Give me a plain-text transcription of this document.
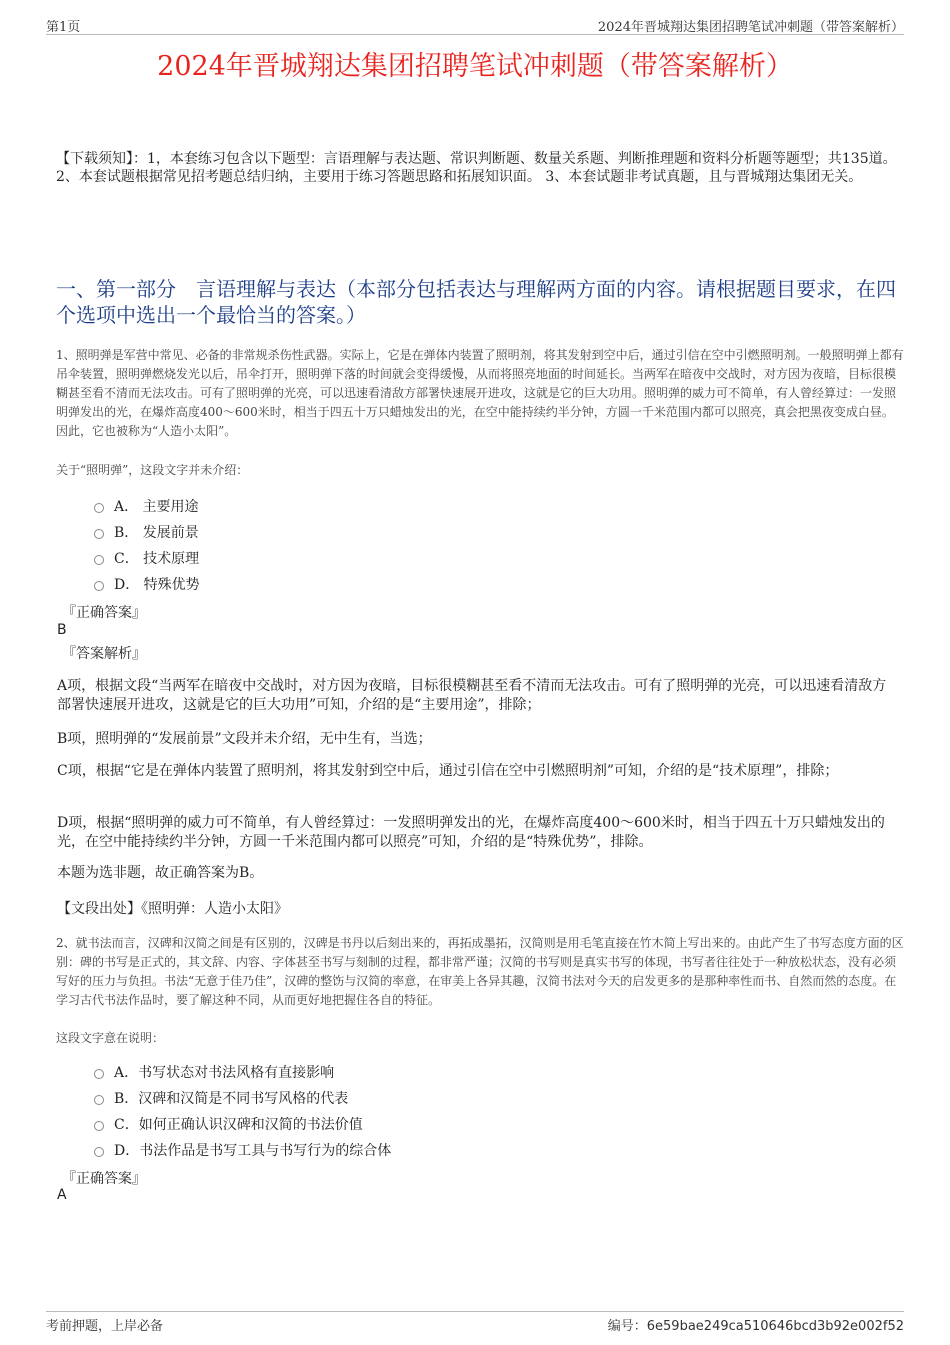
第1页	2024年晋城翔达集团招聘笔试冲刺题（带答案解析）
2024年晋城翔达集团招聘笔试冲刺题（带答案解析）
【下载须知】：1，本套练习包含以下题型：言语理解与表达题、常识判断题、数量关系题、判断推理题和资料分析题等题型；共135道。 2、本套试题根据常见招考题总结归纳，主要用于练习答题思路和拓展知识面。 3、本套试题非考试真题，且与晋城翔达集团无关。
一、第一部分　言语理解与表达（本部分包括表达与理解两方面的内容。请根据题目要求，在四个选项中选出一个最恰当的答案。）
1、照明弹是军营中常见、必备的非常规杀伤性武器。实际上，它是在弹体内装置了照明剂，将其发射到空中后，通过引信在空中引燃照明剂。一般照明弹上都有吊伞装置，照明弹燃烧发光以后，吊伞打开，照明弹下落的时间就会变得缓慢，从而将照亮地面的时间延长。当两军在暗夜中交战时，对方因为夜暗，目标很模糊甚至看不清而无法攻击。可有了照明弹的光亮，可以迅速看清敌方部署快速展开进攻，这就是它的巨大功用。照明弹的威力可不简单，有人曾经算过：一发照明弹发出的光，在爆炸高度400～600米时，相当于四五十万只蜡烛发出的光，在空中能持续约半分钟，方圆一千米范围内都可以照亮，真会把黑夜变成白昼。因此，它也被称为“人造小太阳”。
关于“照明弹”，这段文字并未介绍：
A． 主要用途
B． 发展前景
C． 技术原理
D． 特殊优势
『正确答案』
B
『答案解析』
A项，根据文段“当两军在暗夜中交战时，对方因为夜暗，目标很模糊甚至看不清而无法攻击。可有了照明弹的光亮，可以迅速看清敌方部署快速展开进攻，这就是它的巨大功用”可知，介绍的是“主要用途”，排除；
B项，照明弹的“发展前景”文段并未介绍，无中生有，当选；
C项，根据“它是在弹体内装置了照明剂，将其发射到空中后，通过引信在空中引燃照明剂”可知，介绍的是“技术原理”，排除；
D项，根据“照明弹的威力可不简单，有人曾经算过：一发照明弹发出的光，在爆炸高度400～600米时，相当于四五十万只蜡烛发出的光，在空中能持续约半分钟，方圆一千米范围内都可以照亮”可知，介绍的是“特殊优势”，排除。
本题为选非题，故正确答案为B。
【文段出处】《照明弹：人造小太阳》
2、就书法而言，汉碑和汉简之间是有区别的，汉碑是书丹以后刻出来的，再拓成墨拓，汉简则是用毛笔直接在竹木简上写出来的。由此产生了书写态度方面的区别：碑的书写是正式的，其文辞、内容、字体甚至书写与刻制的过程，都非常严谨；汉简的书写则是真实书写的体现，书写者往往处于一种放松状态，没有必须写好的压力与负担。书法“无意于佳乃佳”，汉碑的整饬与汉简的率意，在审美上各异其趣，汉简书法对今天的启发更多的是那种率性而书、自然而然的态度。在学习古代书法作品时，要了解这种不同，从而更好地把握住各自的特征。
这段文字意在说明：
A．书写状态对书法风格有直接影响
B．汉碑和汉简是不同书写风格的代表
C．如何正确认识汉碑和汉简的书法价值
D．书法作品是书写工具与书写行为的综合体
『正确答案』
A
考前押题，上岸必备	编号：6e59bae249ca510646bcd3b92e002f52
